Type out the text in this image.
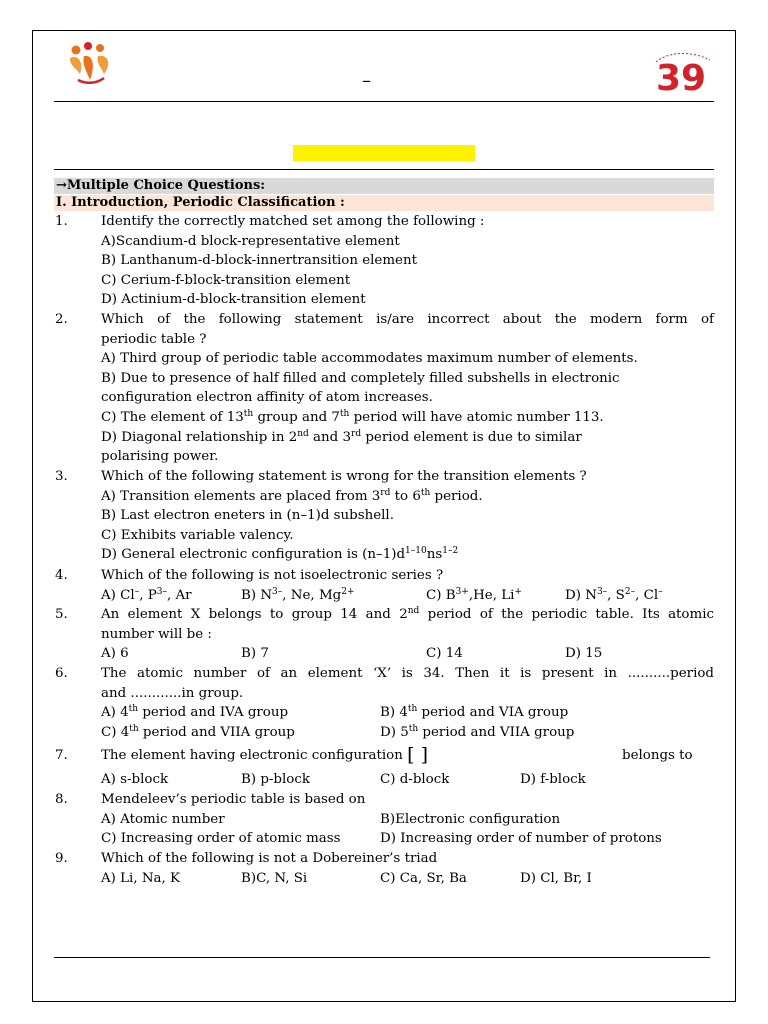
–	39
→Multiple Choice Questions:
I. Introduction, Periodic Classification :
1. Identify the correctly matched set among the following :
A)Scandium-d block-representative element
B) Lanthanum-d-block-innertransition element
C) Cerium-f-block-transition element
D) Actinium-d-block-transition element
2. Which of the following statement is/are incorrect about the modern form of
periodic table ?
A) Third group of periodic table accommodates maximum number of elements.
B) Due to presence of half filled and completely filled subshells in electronic
configuration electron affinity of atom increases.
C) The element of 13th group and 7th period will have atomic number 113.
D) Diagonal relationship in 2nd and 3rd period element is due to similar
polarising power.
3. Which of the following statement is wrong for the transition elements ?
A) Transition elements are placed from 3rd to 6th period.
B) Last electron eneters in (n–1)d subshell.
C) Exhibits variable valency.
D) General electronic configuration is $(n-1)d^{1-10}ns^{1-2}$
4. Which of the following is not isoelectronic series ?
A) Cl–, $P^{3-}$, Ar	B) $N^{3-}$, Ne, $Mg^{2+}$	C) $B^{3+},He$, Li+	D) $N^{3-}$, $S^{2-}$, Cl–
5. An element X belongs to group 14 and 2nd period of the periodic table. Its atomic
number will be :
A) 6	B) 7	C) 14	D) 15
6. The atomic number of an element ‘X’ is 34. Then it is present in ..........period
and ............in group.
A) 4th period and IVA group	B) 4th period and VIA group
C) 4th period and VIIA group	D) 5th period and VIIA group
7. The element having electronic configuration [ ]	belongs to
A) s-block	B) p-block	C) d-block	D) f-block
8. Mendeleev’s periodic table is based on
A) Atomic number	B)Electronic configuration
C) Increasing order of atomic mass	D) Increasing order of number of protons
9. Which of the following is not a Dobereiner’s triad
A) Li, Na, K	B)C, N, Si	C) Ca, Sr, Ba	D) Cl, Br, I
